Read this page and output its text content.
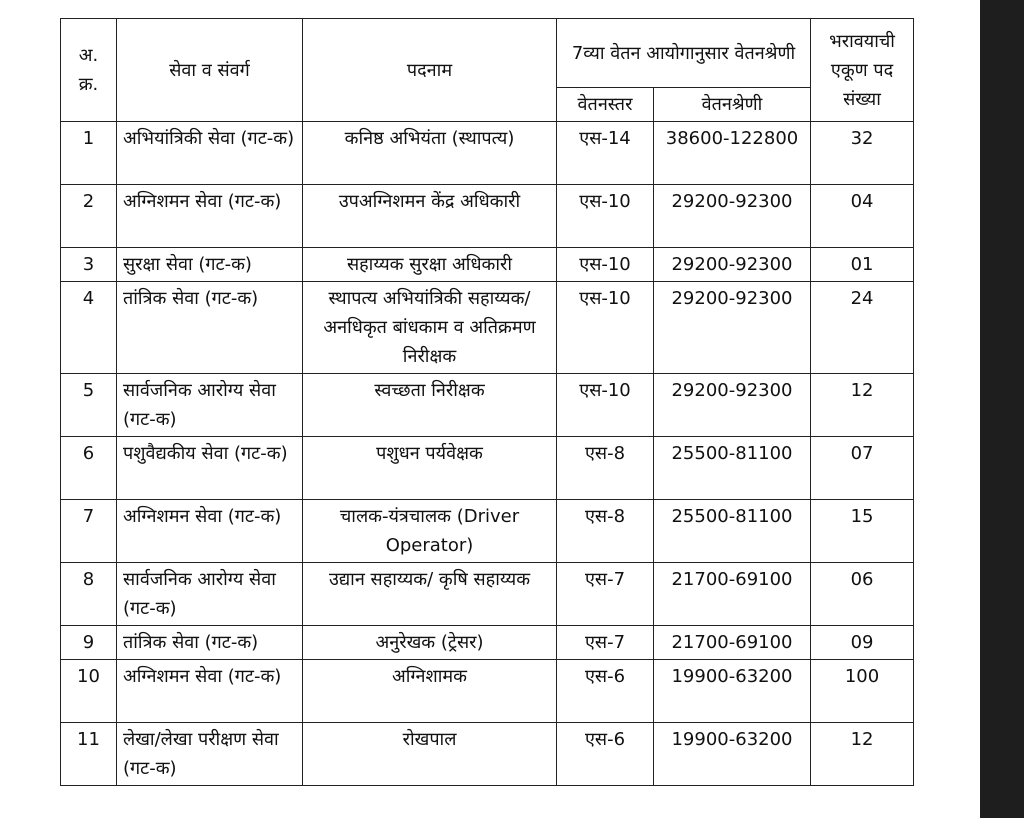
अ. क्र.	सेवा व संवर्ग	पदनाम	7व्या वेतन आयोगानुसार वेतनश्रेणी		भरावयाची एकूण पद संख्या
			वेतनस्तर	वेतनश्रेणी	
1	अभियांत्रिकी सेवा (गट-क)	कनिष्ठ अभियंता (स्थापत्य)	एस-14	38600-122800	32
2	अग्निशमन सेवा (गट-क)	उपअग्निशमन केंद्र अधिकारी	एस-10	29200-92300	04
3	सुरक्षा सेवा (गट-क)	सहाय्यक सुरक्षा अधिकारी	एस-10	29200-92300	01
4	तांत्रिक सेवा (गट-क)	स्थापत्य अभियांत्रिकी सहाय्यक/अनधिकृत बांधकाम व अतिक्रमण निरीक्षक	एस-10	29200-92300	24
5	सार्वजनिक आरोग्य सेवा (गट-क)	स्वच्छता निरीक्षक	एस-10	29200-92300	12
6	पशुवैद्यकीय सेवा (गट-क)	पशुधन पर्यवेक्षक	एस-8	25500-81100	07
7	अग्निशमन सेवा (गट-क)	चालक-यंत्रचालक (Driver Operator)	एस-8	25500-81100	15
8	सार्वजनिक आरोग्य सेवा (गट-क)	उद्यान सहाय्यक/ कृषि सहाय्यक	एस-7	21700-69100	06
9	तांत्रिक सेवा (गट-क)	अनुरेखक (ट्रेसर)	एस-7	21700-69100	09
10	अग्निशमन सेवा (गट-क)	अग्निशामक	एस-6	19900-63200	100
11	लेखा/लेखा परीक्षण सेवा (गट-क)	रोखपाल	एस-6	19900-63200	12
